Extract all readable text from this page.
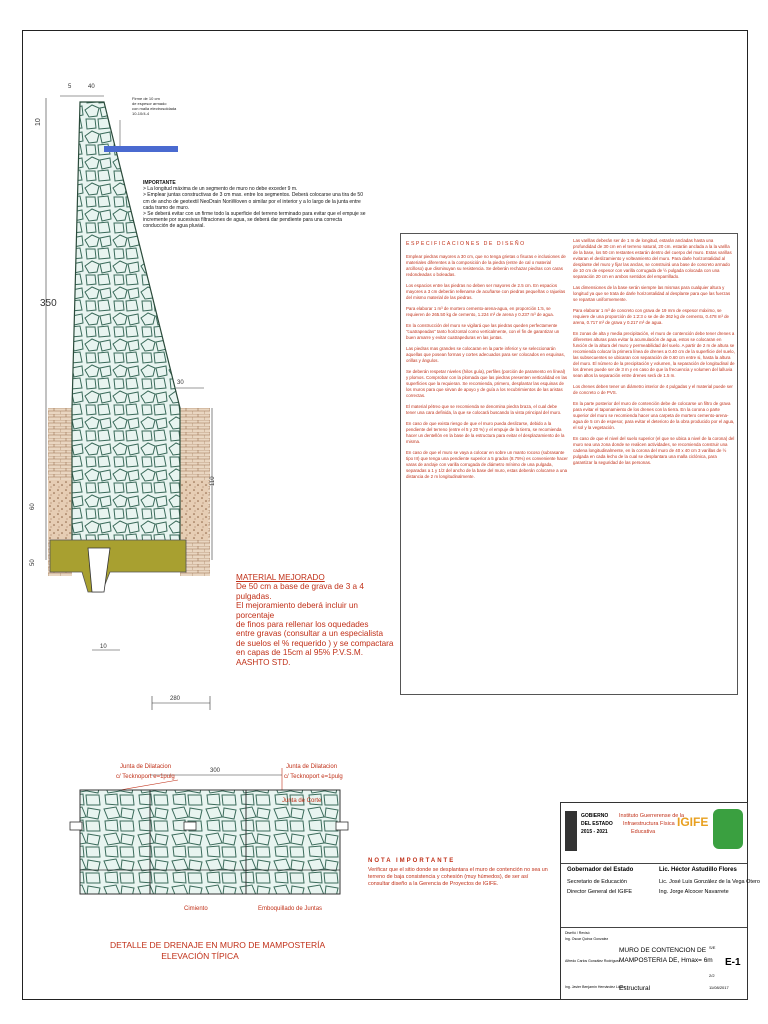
5	40
10
350
30
110
60
50
280
10
Firme de 10 cm
de espesor armado
con malla electrosoldada
10-10/4-4
Junta de Dilatacion
c/ Tecknoport e=1pulg
Junta de Dilatacion
c/ Tecknoport e=1pulg
Junta de Corte
300
Cimiento	Emboquillado de Juntas

IMPORTANTE

> La longitud máxima de un segmento de muro no debe exceder 9 m.

> Emplear juntas constructivas de 3 cm max. entre los segmentos. Deberá colocarse una tira de 50 cm de ancho de geotextil NeoDrain NonWoven o similar por el interior y a lo largo de la junta entre cada tramo de muro.

> Se deberá evitar con un firme todo la superficie del terreno terminado para evitar que el empuje se incremente por sucesivas filtraciones de agua, se deberá dar pendiente para una correcta conducción de agua pluvial.

MATERIAL MEJORADO

De 50 cm a base de grava de 3 a 4 pulgadas.

El mejoramiento deberá incluir un porcentaje

de finos para rellenar los oquedades

entre gravas (consultar a un especialista

de suelos el % requerido ) y se compactara

en capas de 15cm al 95% P.V.S.M. AASHTO STD.

ESPECIFICACIONES DE DISEÑO

Emplear piedras mayores a 30 cm, que no tenga grietas o fisuras e inclusiones de materiales diferentes a la composición de la piedra (entre de cal o material arcilloso) que disminuyan su resistencia. Se deberán rechazar piedras con caras redondeadas o boleadas.

Los espacios entre las piedras no deben ser mayores de 2.5 cm. En espacios mayores a 3 cm deberán rellenarse de acuñarse con piedras pequeñas o rajuelas del mismo material de las piedras.

Para elaborar 1 m³ de mortero cemento-arena-agua, en proporción 1:5, se requieren de 265.50 kg de cemento, 1.224 m³ de arena y 0.237 m³ de agua.

En la construcción del muro se vigilará que las piedras queden perfectamente "cuatrapeadas" tanto horizontal como verticalmente, con el fin de garantizar un buen amarre y evitar cuatrapeduras en las juntas.

Las piedras mas grandes se colocaran en la parte inferior y se seleccionarán aquellas que posean formas y cortes adecuados para ser colocados en esquinas, orillas y ángulos.

Se deberán respetar niveles (hilos guía), perfiles (porción de paramento en líneal) y plomos. Comprobar con la plomada que las piedras presenten verticalidad en las superficies que la requieran. Se recomienda, primero, desplantar las esquinas de los muros para que sirvan de apoyo y de guía a los recubrimientos de las aristas correctas.

El material pétreo que se recomienda se denomina piedra braza, el cual debe tener una cara definida, la que se colocará buscando la vista principal del muro.

En caso de que exista riesgo de que el muro pueda deslizarse, debido a la pendiente del terreno (entre el 5 y 20 %) y el empuje de la tierra, se recomienda hacer un dentellón en la base de la estructura para evitar el desplazamiento de la misma.

En caso de que el muro se vaya a colocar en sobre un manto rocoso (subrasante tipo III) que tenga una pendiente superior a 5 grados (8.75%) es conveniente hacer varas de anclaje con varilla corrugada de diámetro mínimo de una pulgada, separadas a 1 y 1/2 del ancho de la base del muro, estas deberán colocarse a una distancia de 2 m longitudinalmente.

Las varillas deberán ser de 1 m de longitud, estarán ancladas hasta una profundidad de 30 cm en el terreno natural, 20 cm. estarán anclada a la la varilla de la base, los 50 cm restantes estarán dentro del cuerpo del muro. Estas varillas evitaran el deslizamiento y volteamiento del muro. Para darle horizontalidad al desplante del muro y fijar las anclas, se construirá una base de concreto armado de 10 cm de espesor con varilla corrugada de ½ pulgada colocada con una separación 20 cm en ambos sentidos del emparrillado.

Las dimensiones de la base serán siempre las mismas para cualquier altura y longitud ya que se trata de darle horizontalidad al desplante para que las fuerzas se repartan uniformemente.

Para elaborar 1 m³ de concreto con grava de 19 mm de espesor máximo, se requiere de una proporción de 1:2:3 o se de de 362 kg de cemento, 0.478 m³ de arena, 0.717 m³ de grava y 0.217 m³ de agua.

En zonas de alta y media precipitación, el muro de contención debe tener drenes a diferentes alturas para evitar la acumulación de agua, estos se colocaran en función de la altura del muro y permeabilidad del suelo. A partir de 2 m de altura se recomienda colocar la primera línea de drenes a 0.40 cm de la superficie del suelo, las subsecuentes se ubicaran con separación de 0.60 cm entre si, hasta la altura del muro. El número de la precipitación y volumen, la separación de longitudinal de los drenes puede ser de 3 m y en caso de que la frecuencia y volumen del lalluvia sean altos la separación entre drenes será de 1.5 m.

Los drenes deben tener un diámetro interior de 4 pulgadas y el material puede ser de concreto o de PVS.

En la parte posterior del muro de contención debe de colocarse un filtro de grava para evitar el taponamiento de los drenes con la tierra. En la corona o parte superior del muro se recomienda hacer una carpeta de mortero cemento-arena-agua de 5 cm de espesor, para evitar el deterioro de la obra producido por el agua, el sol y la vegetación.

En caso de que el nivel del suelo superior (el que se ubica a nivel de la corona) del muro sea una zona donde se realicen actividades, se recomienda construir una cadena longitudinalmente, en la corona del muro de 40 x 40 cm 3 varillas de ½ pulgada en cada lecho de la cual se desplantara una malla ciclónica, para garantizar la seguridad de las personas.

NOTA IMPORTANTE

Verificar que el sitio donde se desplantara el muro de contención no sea un terreno de baja consistencia y cohesión (muy húmedos), de ser así consultar diseño a la Gerencia de Proyectos de IGIFE.

DETALLE DE DRENAJE EN MURO DE MAMPOSTERÍA
ELEVACIÓN TÍPICA
GOBIERNO
DEL ESTADO
2015 - 2021
Instituto Guerrerense de la
Infraestructura Física
Educativa
IGIFE
Gobernador del Estado
Secretario de Educación
Director General del IGIFE
Lic. Héctor Astudillo Flores
Lic. José Luis González de la Vega Otero
Ing. Jorge Alcocer Navarrete
Diseñó / Revisó
Ing. Oscar Quiroz Gonzalez
Alfredo Carlos González Rodríguez
Ing. Javier Benjamín Hernández López
MURO DE CONTENCION DE
MAMPOSTERIA DE, Hmax= 6m
Estructural
S/E
E-1
2/2
11/08/2017
